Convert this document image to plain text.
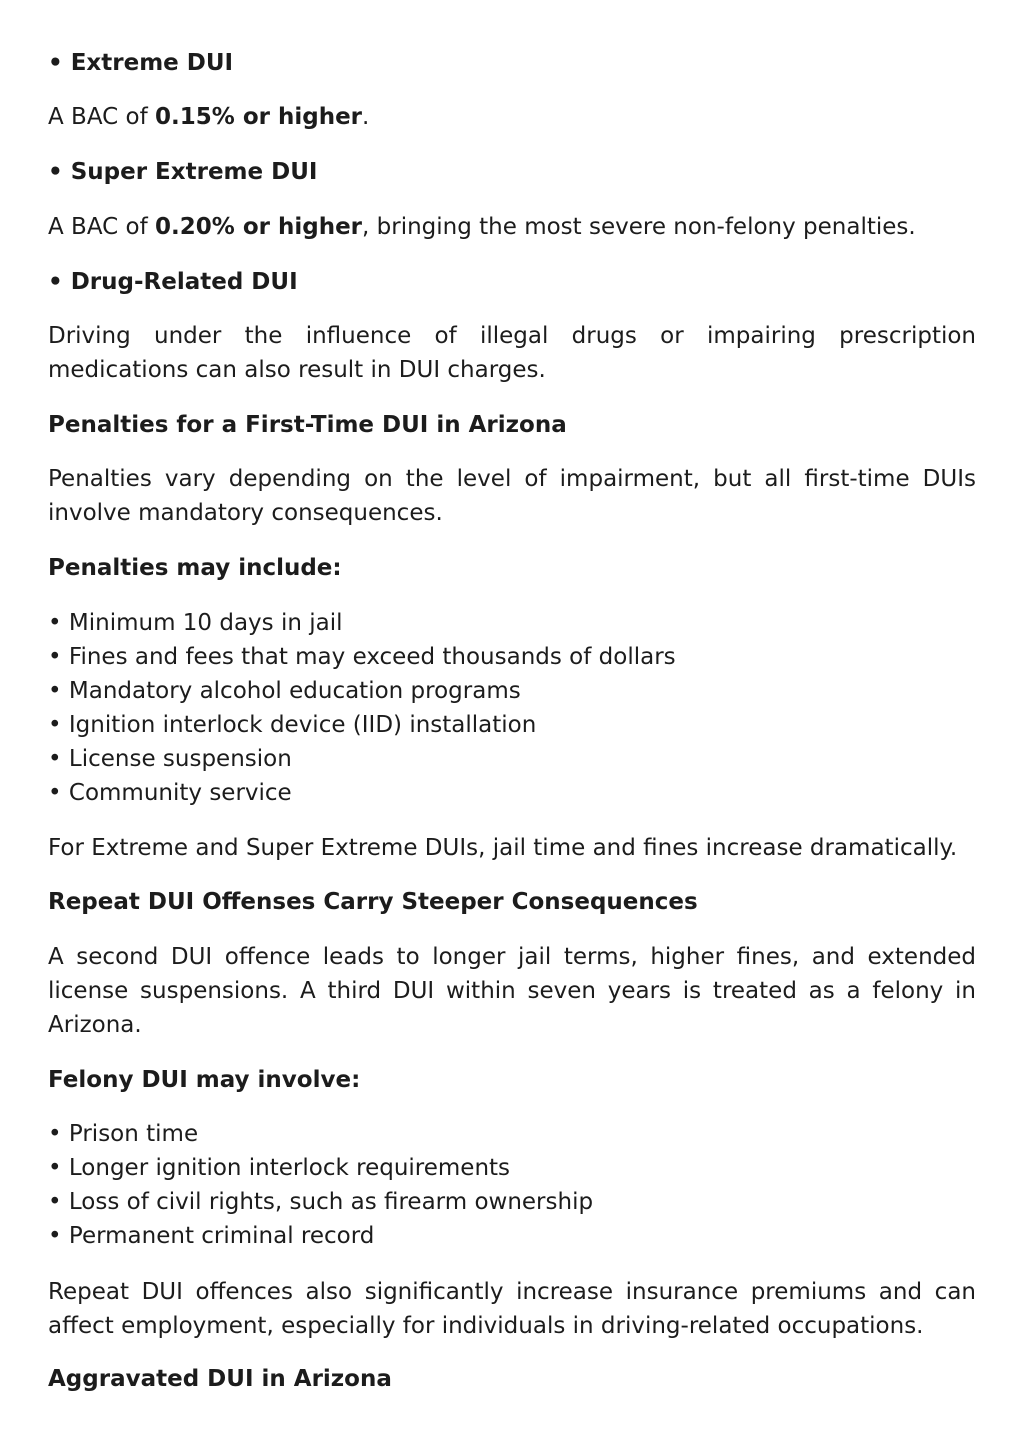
• Extreme DUI
A BAC of 0.15% or higher.
• Super Extreme DUI
A BAC of 0.20% or higher, bringing the most severe non-felony penalties.
• Drug-Related DUI
Driving under the influence of illegal drugs or impairing prescription
medications can also result in DUI charges.
Penalties for a First-Time DUI in Arizona
Penalties vary depending on the level of impairment, but all first-time DUIs
involve mandatory consequences.
Penalties may include:
• Minimum 10 days in jail
• Fines and fees that may exceed thousands of dollars
• Mandatory alcohol education programs
• Ignition interlock device (IID) installation
• License suspension
• Community service
For Extreme and Super Extreme DUIs, jail time and fines increase dramatically.
Repeat DUI Offenses Carry Steeper Consequences
A second DUI offence leads to longer jail terms, higher fines, and extended
license suspensions. A third DUI within seven years is treated as a felony in
Arizona.
Felony DUI may involve:
• Prison time
• Longer ignition interlock requirements
• Loss of civil rights, such as firearm ownership
• Permanent criminal record
Repeat DUI offences also significantly increase insurance premiums and can
affect employment, especially for individuals in driving-related occupations.
Aggravated DUI in Arizona
